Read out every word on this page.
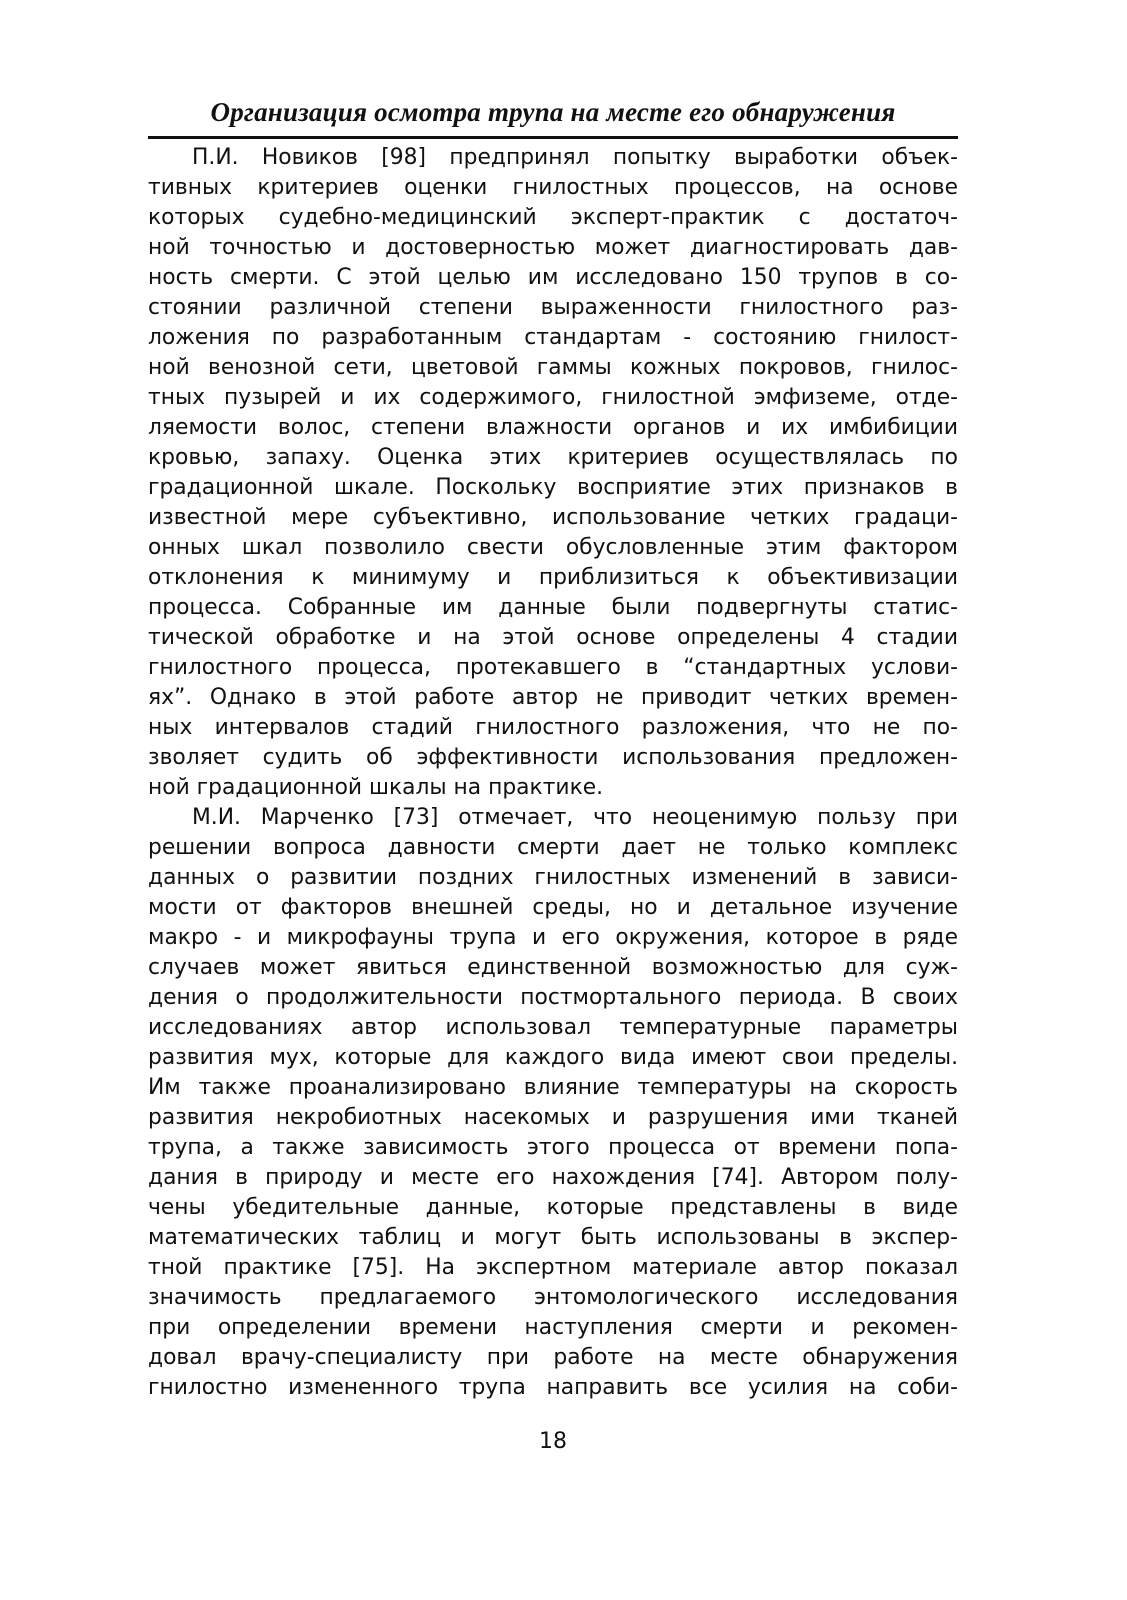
Организация осмотра трупа на месте его обнаружения
П.И. Новиков [98] предпринял попытку выработки объек-
тивных критериев оценки гнилостных процессов, на основе
которых судебно-медицинский эксперт-практик с достаточ-
ной точностью и достоверностью может диагностировать дав-
ность смерти. С этой целью им исследовано 150 трупов в со-
стоянии различной степени выраженности гнилостного раз-
ложения по разработанным стандартам - состоянию гнилост-
ной венозной сети, цветовой гаммы кожных покровов, гнилос-
тных пузырей и их содержимого, гнилостной эмфиземе, отде-
ляемости волос, степени влажности органов и их имбибиции
кровью, запаху. Оценка этих критериев осуществлялась по
градационной шкале. Поскольку восприятие этих признаков в
известной мере субъективно, использование четких градаци-
онных шкал позволило свести обусловленные этим фактором
отклонения к минимуму и приблизиться к объективизации
процесса. Собранные им данные были подвергнуты статис-
тической обработке и на этой основе определены 4 стадии
гнилостного процесса, протекавшего в “стандартных услови-
ях”. Однако в этой работе автор не приводит четких времен-
ных интервалов стадий гнилостного разложения, что не по-
зволяет судить об эффективности использования предложен-
ной градационной шкалы на практике.
М.И. Марченко [73] отмечает, что неоценимую пользу при
решении вопроса давности смерти дает не только комплекс
данных о развитии поздних гнилостных изменений в зависи-
мости от факторов внешней среды, но и детальное изучение
макро - и микрофауны трупа и его окружения, которое в ряде
случаев может явиться единственной возможностью для суж-
дения о продолжительности постмортального периода. В своих
исследованиях автор использовал температурные параметры
развития мух, которые для каждого вида имеют свои пределы.
Им также проанализировано влияние температуры на скорость
развития некробиотных насекомых и разрушения ими тканей
трупа, а также зависимость этого процесса от времени попа-
дания в природу и месте его нахождения [74]. Автором полу-
чены убедительные данные, которые представлены в виде
математических таблиц и могут быть использованы в экспер-
тной практике [75]. На экспертном материале автор показал
значимость предлагаемого энтомологического исследования
при определении времени наступления смерти и рекомен-
довал врачу-специалисту при работе на месте обнаружения
гнилостно измененного трупа направить все усилия на соби-
18
